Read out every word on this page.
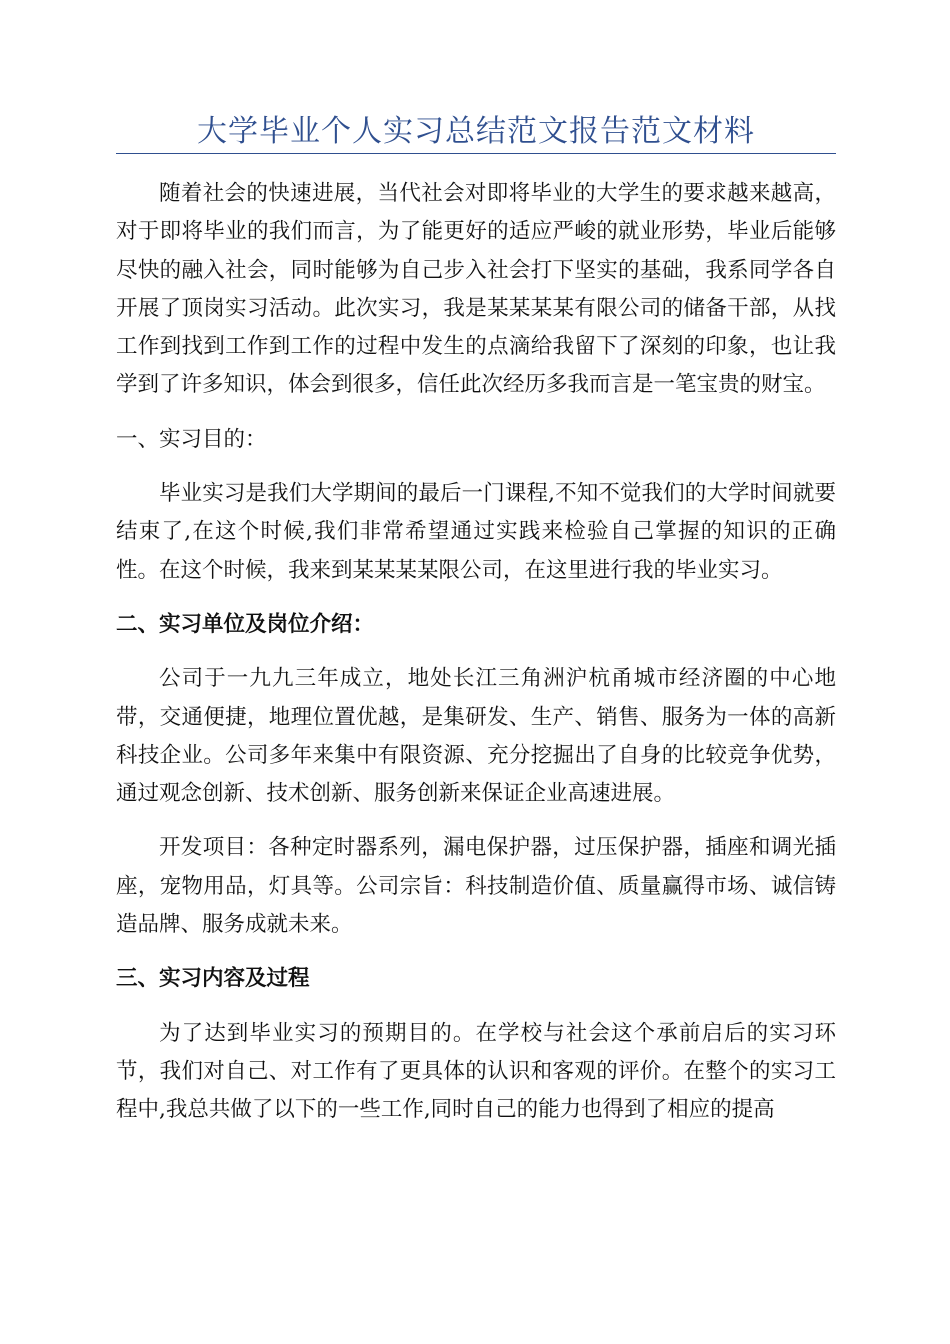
大学毕业个人实习总结范文报告范文材料

随着社会的快速进展，当代社会对即将毕业的大学生的要求越来越高，对于即将毕业的我们而言，为了能更好的适应严峻的就业形势，毕业后能够尽快的融入社会，同时能够为自己步入社会打下坚实的基础，我系同学各自开展了顶岗实习活动。此次实习，我是某某某某有限公司的储备干部，从找工作到找到工作到工作的过程中发生的点滴给我留下了深刻的印象，也让我学到了许多知识，体会到很多，信任此次经历多我而言是一笔宝贵的财宝。

一、实习目的：

毕业实习是我们大学期间的最后一门课程,不知不觉我们的大学时间就要结束了,在这个时候,我们非常希望通过实践来检验自己掌握的知识的正确性。在这个时候，我来到某某某某限公司，在这里进行我的毕业实习。

二、实习单位及岗位介绍：

公司于一九九三年成立，地处长江三角洲沪杭甬城市经济圈的中心地带，交通便捷，地理位置优越，是集研发、生产、销售、服务为一体的高新科技企业。公司多年来集中有限资源、充分挖掘出了自身的比较竞争优势，通过观念创新、技术创新、服务创新来保证企业高速进展。

开发项目：各种定时器系列，漏电保护器，过压保护器，插座和调光插座，宠物用品，灯具等。公司宗旨：科技制造价值、质量赢得市场、诚信铸造品牌、服务成就未来。

三、实习内容及过程

为了达到毕业实习的预期目的。在学校与社会这个承前启后的实习环节，我们对自己、对工作有了更具体的认识和客观的评价。在整个的实习工程中,我总共做了以下的一些工作,同时自己的能力也得到了相应的提高
